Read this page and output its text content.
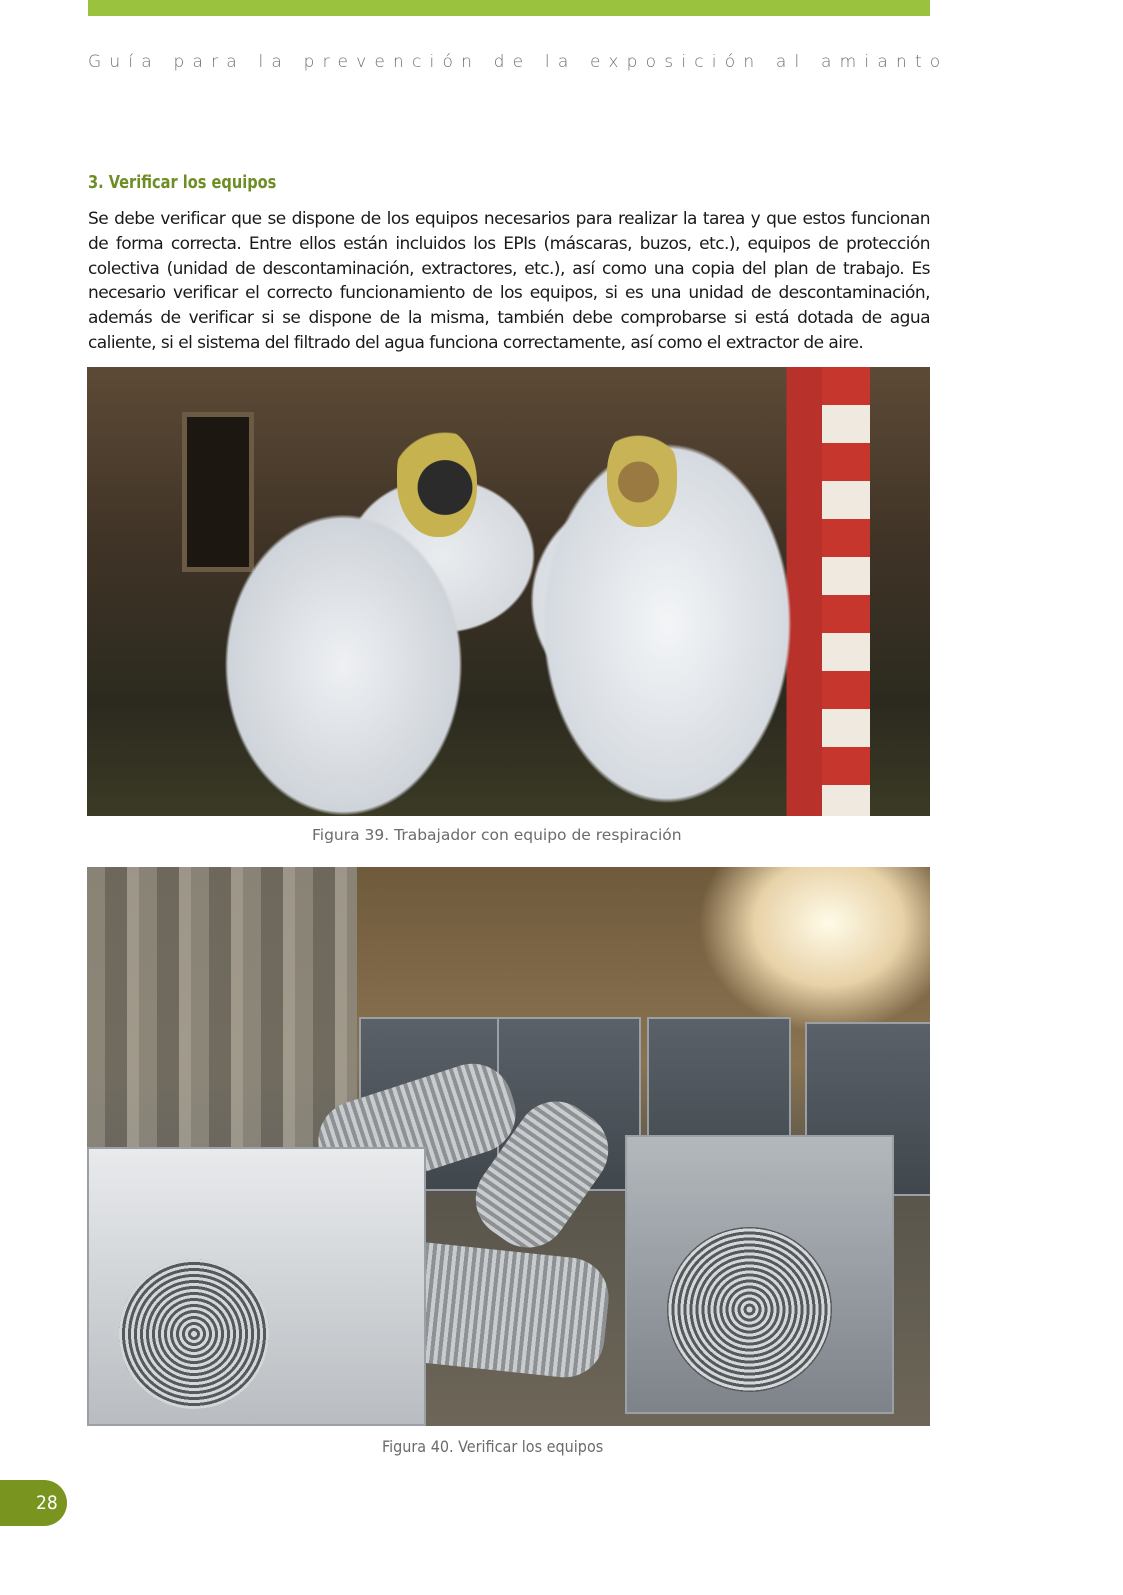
Guía para la prevención de la exposición al amianto
3. Verificar los equipos
Se debe verificar que se dispone de los equipos necesarios para realizar la tarea y que estos funcionan de forma correcta. Entre ellos están incluidos los EPIs (máscaras, buzos, etc.), equipos de protección colectiva (unidad de descontaminación, extractores, etc.), así como una copia del plan de trabajo. Es necesario verificar el correcto funcionamiento de los equipos, si es una unidad de descontaminación, además de verificar si se dispone de la misma, también debe comprobarse si está dotada de agua caliente, si el sistema del filtrado del agua funciona correctamente, así como el extractor de aire.
Figura 39. Trabajador con equipo de respiración
Figura 40. Verificar los equipos
28
